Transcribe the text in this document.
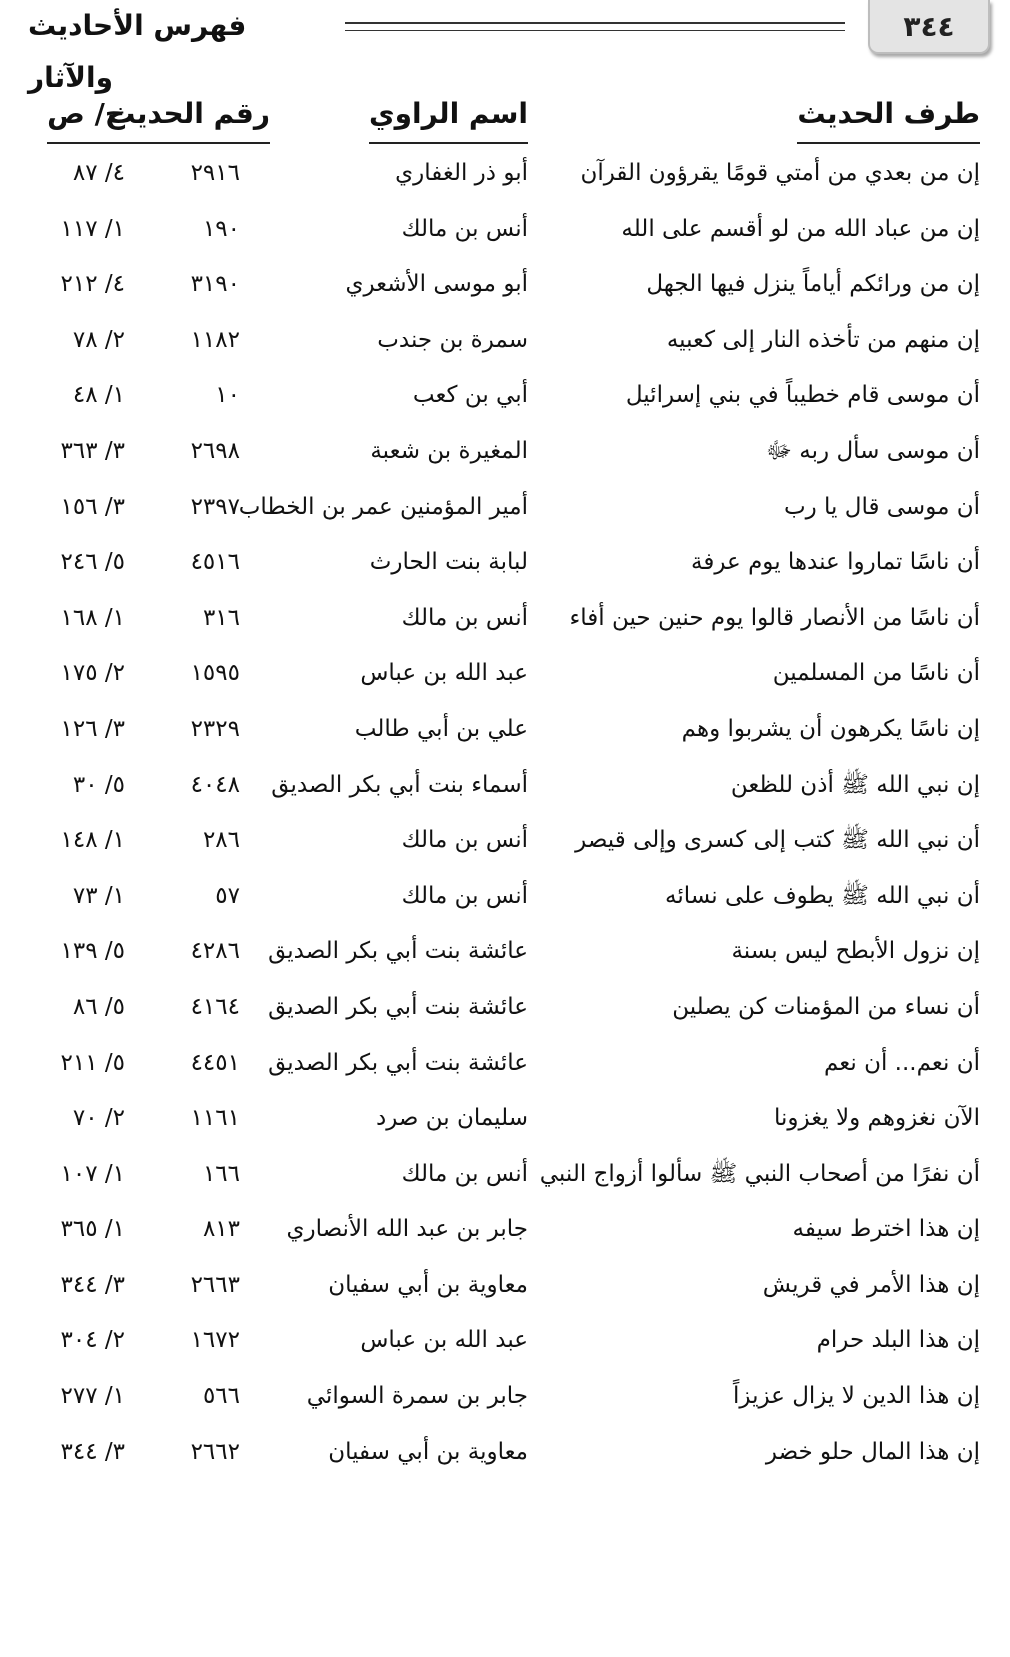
٣٤٤
فهرس الأحاديث والآثار
طرف الحديث
اسم الراوي
رقم الحديث
ج/ ص
إن من بعدي من أمتي قومًا يقرؤون القرآن
أبو ذر الغفاري
٢٩١٦
٤/ ٨٧
إن من عباد الله من لو أقسم على الله
أنس بن مالك
١٩٠
١/ ١١٧
إن من ورائكم أياماً ينزل فيها الجهل
أبو موسى الأشعري
٣١٩٠
٤/ ٢١٢
إن منهم من تأخذه النار إلى كعبيه
سمرة بن جندب
١١٨٢
٢/ ٧٨
أن موسى قام خطيباً في بني إسرائيل
أبي بن كعب
١٠
١/ ٤٨
أن موسى سأل ربه ﷻ
المغيرة بن شعبة
٢٦٩٨
٣/ ٣٦٣
أن موسى قال يا رب
أمير المؤمنين عمر بن الخطاب
٢٣٩٧
٣/ ١٥٦
أن ناسًا تماروا عندها يوم عرفة
لبابة بنت الحارث
٤٥١٦
٥/ ٢٤٦
أن ناسًا من الأنصار قالوا يوم حنين حين أفاء
أنس بن مالك
٣١٦
١/ ١٦٨
أن ناسًا من المسلمين
عبد الله بن عباس
١٥٩٥
٢/ ١٧٥
إن ناسًا يكرهون أن يشربوا وهم
علي بن أبي طالب
٢٣٢٩
٣/ ١٢٦
إن نبي الله ﷺ أذن للظعن
أسماء بنت أبي بكر الصديق
٤٠٤٨
٥/ ٣٠
أن نبي الله ﷺ كتب إلى كسرى وإلى قيصر
أنس بن مالك
٢٨٦
١/ ١٤٨
أن نبي الله ﷺ يطوف على نسائه
أنس بن مالك
٥٧
١/ ٧٣
إن نزول الأبطح ليس بسنة
عائشة بنت أبي بكر الصديق
٤٢٨٦
٥/ ١٣٩
أن نساء من المؤمنات كن يصلين
عائشة بنت أبي بكر الصديق
٤١٦٤
٥/ ٨٦
أن نعم... أن نعم
عائشة بنت أبي بكر الصديق
٤٤٥١
٥/ ٢١١
الآن نغزوهم ولا يغزونا
سليمان بن صرد
١١٦١
٢/ ٧٠
أن نفرًا من أصحاب النبي ﷺ سألوا أزواج النبي
أنس بن مالك
١٦٦
١/ ١٠٧
إن هذا اخترط سيفه
جابر بن عبد الله الأنصاري
٨١٣
١/ ٣٦٥
إن هذا الأمر في قريش
معاوية بن أبي سفيان
٢٦٦٣
٣/ ٣٤٤
إن هذا البلد حرام
عبد الله بن عباس
١٦٧٢
٢/ ٣٠٤
إن هذا الدين لا يزال عزيزاً
جابر بن سمرة السوائي
٥٦٦
١/ ٢٧٧
إن هذا المال حلو خضر
معاوية بن أبي سفيان
٢٦٦٢
٣/ ٣٤٤
